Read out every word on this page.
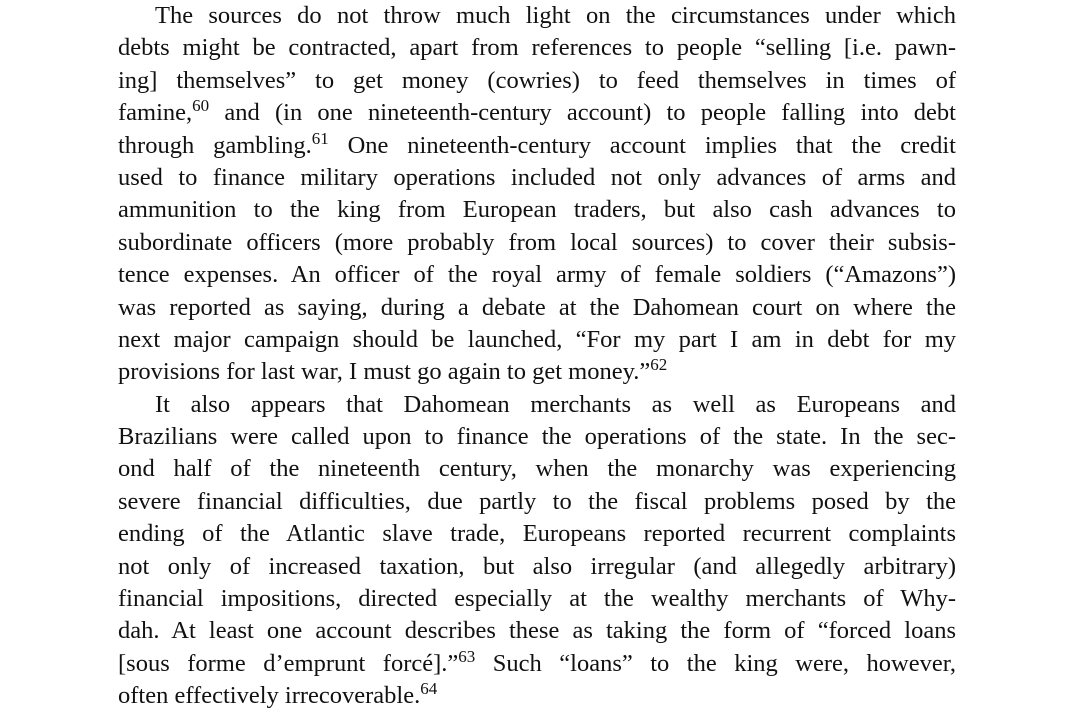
The sources do not throw much light on the circumstances under which
debts might be contracted, apart from references to people “selling [i.e. pawn-
ing] themselves” to get money (cowries) to feed themselves in times of
famine,$^{60}$ and (in one nineteenth-century account) to people falling into debt
through gambling.$^{61}$ One nineteenth-century account implies that the credit
used to finance military operations included not only advances of arms and
ammunition to the king from European traders, but also cash advances to
subordinate officers (more probably from local sources) to cover their subsis-
tence expenses. An officer of the royal army of female soldiers (“Amazons”)
was reported as saying, during a debate at the Dahomean court on where the
next major campaign should be launched, “For my part I am in debt for my
provisions for last war, I must go again to get money.”$^{62}$
It also appears that Dahomean merchants as well as Europeans and
Brazilians were called upon to finance the operations of the state. In the sec-
ond half of the nineteenth century, when the monarchy was experiencing
severe financial difficulties, due partly to the fiscal problems posed by the
ending of the Atlantic slave trade, Europeans reported recurrent complaints
not only of increased taxation, but also irregular (and allegedly arbitrary)
financial impositions, directed especially at the wealthy merchants of Why-
dah. At least one account describes these as taking the form of “forced loans
[sous forme d’emprunt forcé].”$^{63}$ Such “loans” to the king were, however,
often effectively irrecoverable.$^{64}$
